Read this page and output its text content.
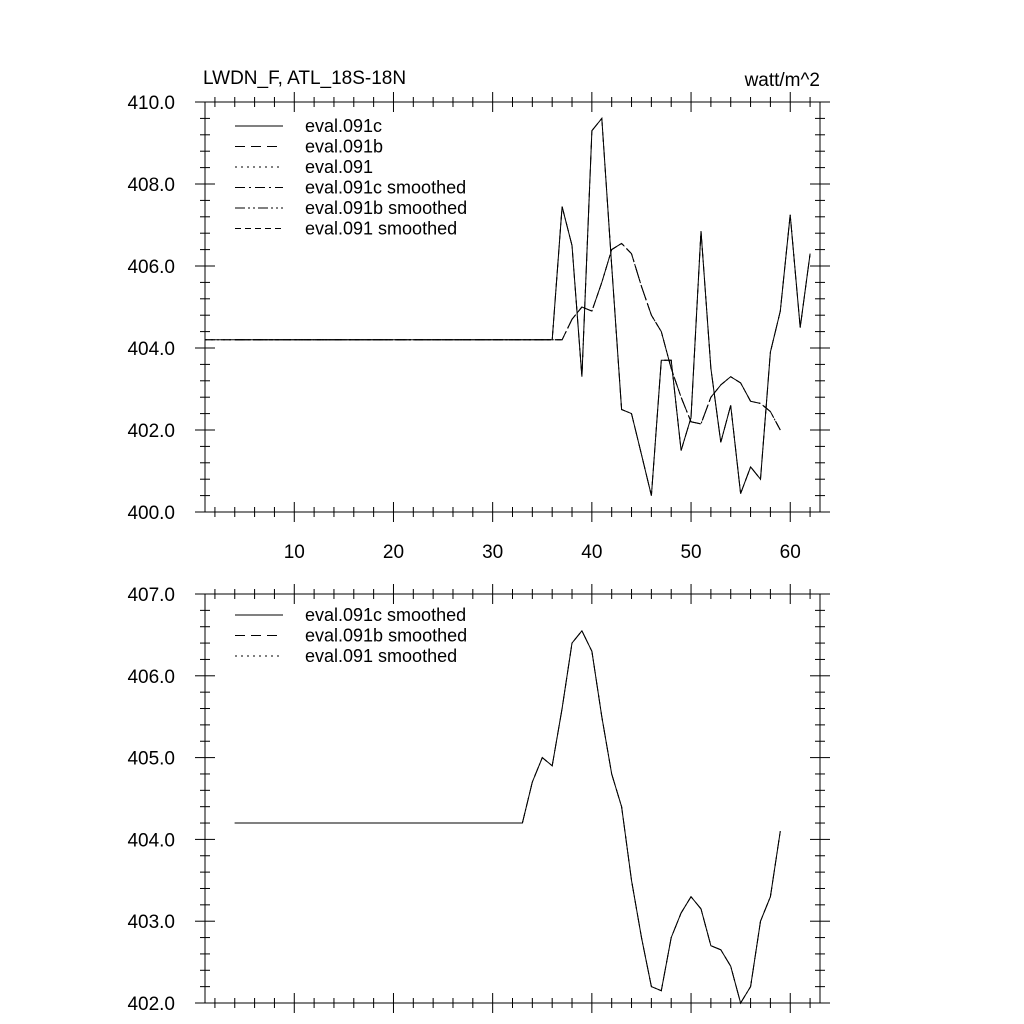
LWDN_F, ATL_18S-18N	watt/m^2
10	20	30	40	50	60
400.0
402.0
404.0
406.0
408.0
410.0
eval.091c
eval.091b
eval.091
eval.091c smoothed
eval.091b smoothed
eval.091 smoothed
402.0
403.0
404.0
405.0
406.0
407.0
eval.091c smoothed
eval.091b smoothed
eval.091 smoothed
